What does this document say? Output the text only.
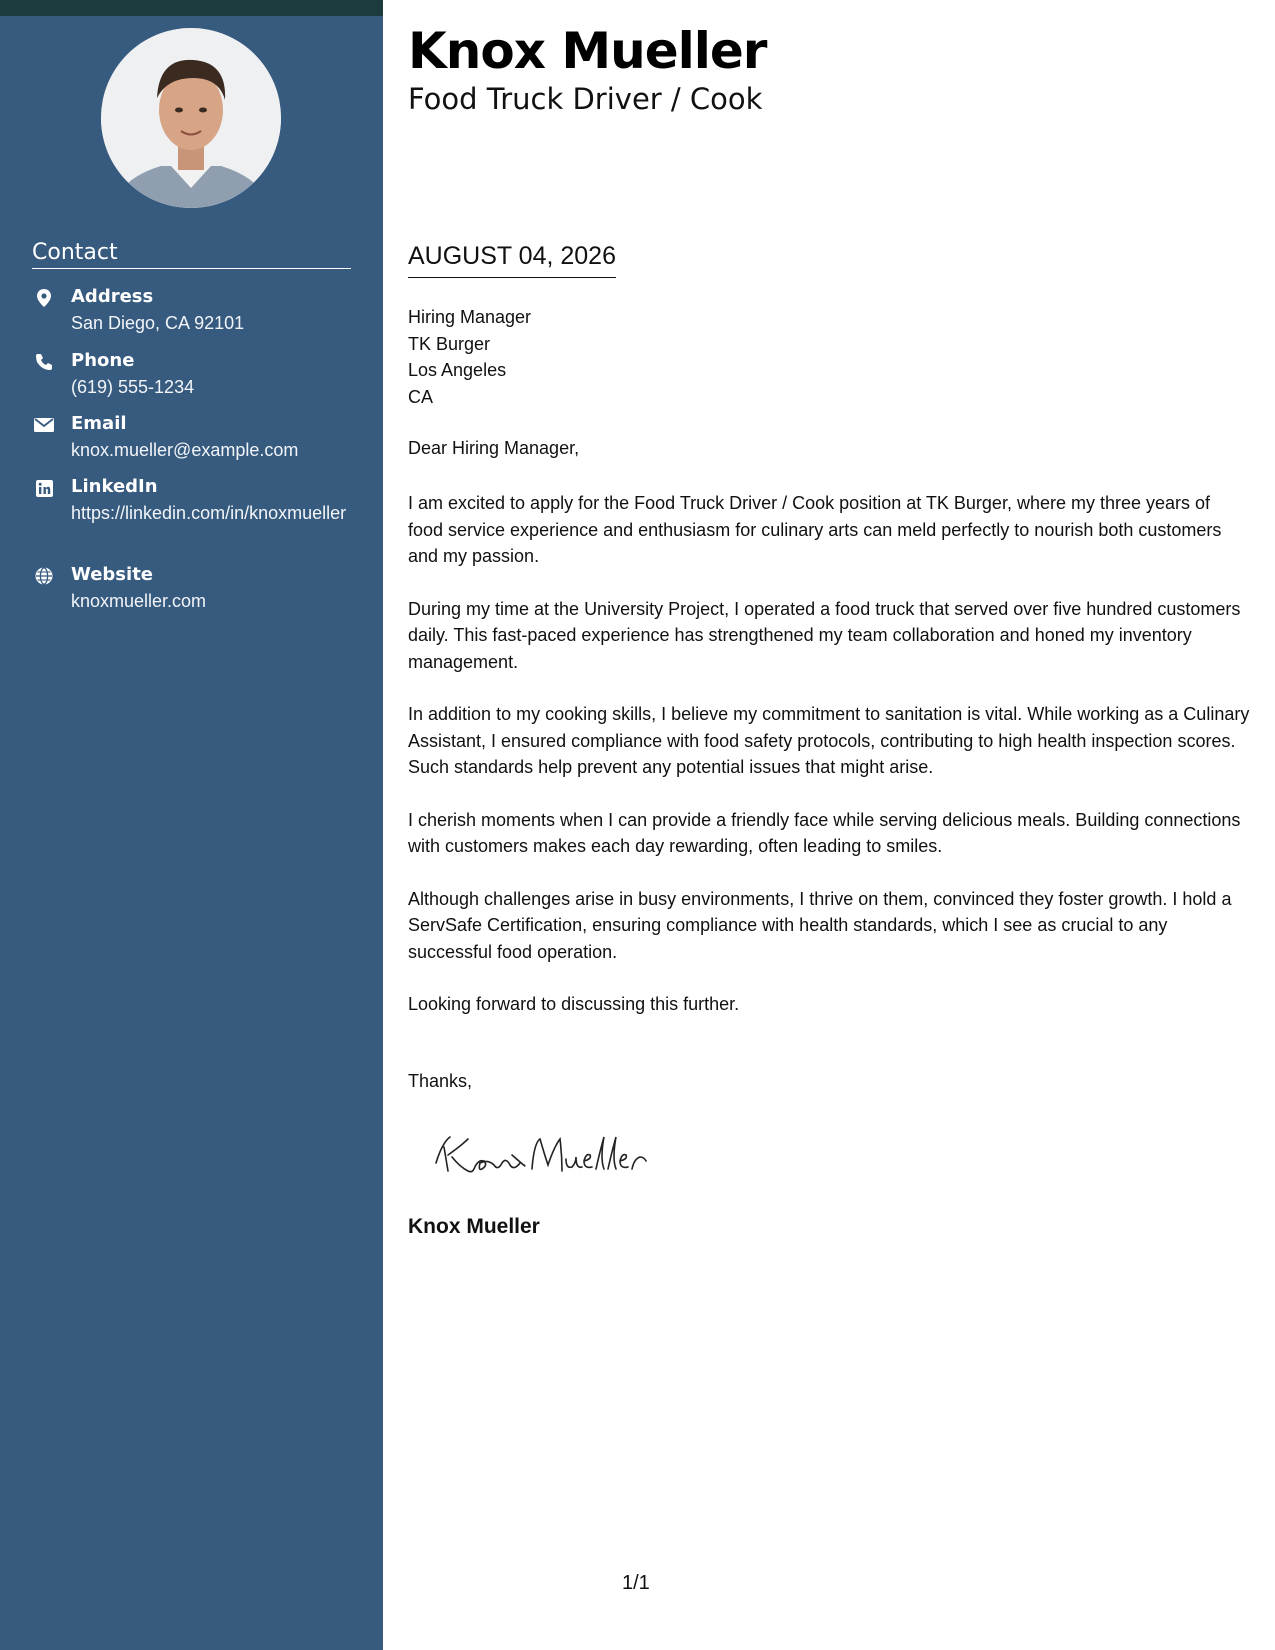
Contact
Address
San Diego, CA 92101
Phone
(619) 555-1234
Email
knox.mueller@example.com
LinkedIn
https://linkedin.com/in/knoxmueller
Website
knoxmueller.com
Knox Mueller
Food Truck Driver / Cook
AUGUST 04, 2026
Hiring Manager
TK Burger
Los Angeles
CA
Dear Hiring Manager,

I am excited to apply for the Food Truck Driver / Cook position at TK Burger, where my three years of food service experience and enthusiasm for culinary arts can meld perfectly to nourish both customers and my passion.

During my time at the University Project, I operated a food truck that served over five hundred customers daily. This fast-paced experience has strengthened my team collaboration and honed my inventory management.

In addition to my cooking skills, I believe my commitment to sanitation is vital. While working as a Culinary Assistant, I ensured compliance with food safety protocols, contributing to high health inspection scores. Such standards help prevent any potential issues that might arise.

I cherish moments when I can provide a friendly face while serving delicious meals. Building connections with customers makes each day rewarding, often leading to smiles.

Although challenges arise in busy environments, I thrive on them, convinced they foster growth. I hold a ServSafe Certification, ensuring compliance with health standards, which I see as crucial to any successful food operation.

Looking forward to discussing this further.

Thanks,
Knox Mueller
1/1
